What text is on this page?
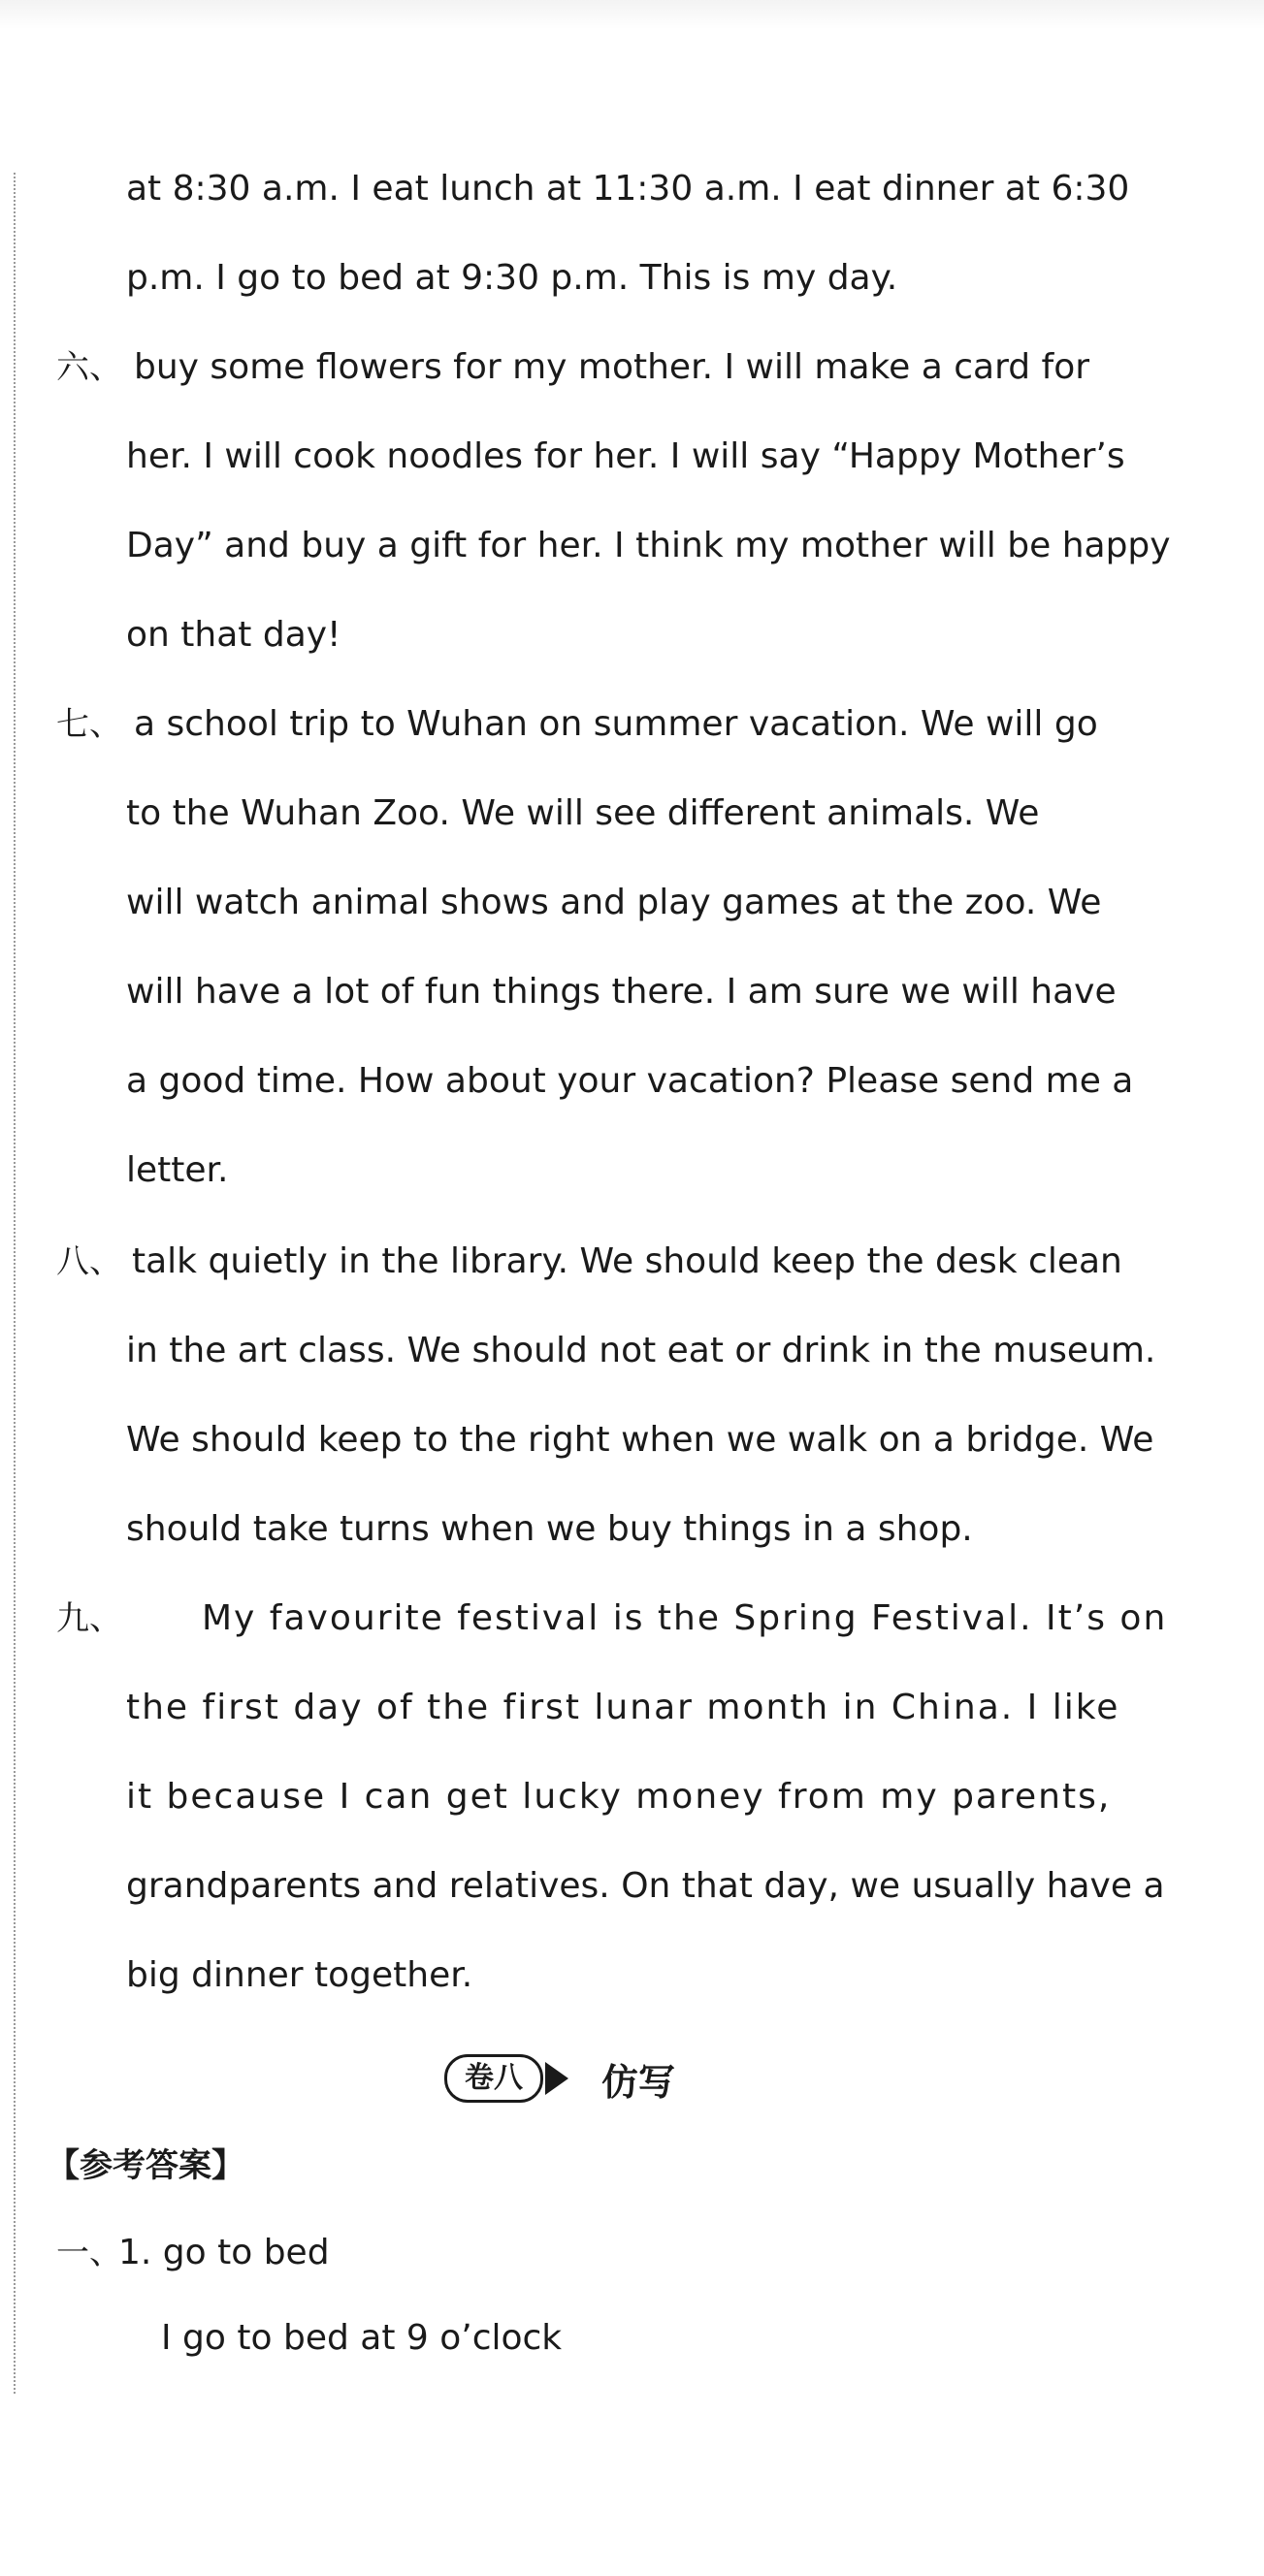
at 8:30 a.m. I eat lunch at 11:30 a.m. I eat dinner at 6:30
p.m. I go to bed at 9:30 p.m. This is my day.
六、 buy some flowers for my mother. I will make a card for
her. I will cook noodles for her. I will say “Happy Mother’s
Day” and buy a gift for her. I think my mother will be happy
on that day!
七、 a school trip to Wuhan on summer vacation. We will go
to the Wuhan Zoo. We will see different animals. We
will watch animal shows and play games at the zoo. We
will have a lot of fun things there. I am sure we will have
a good time. How about your vacation? Please send me a
letter.
八、 talk quietly in the library. We should keep the desk clean
in the art class. We should not eat or drink in the museum.
We should keep to the right when we walk on a bridge. We
should take turns when we buy things in a shop.
九、 My favourite festival is the Spring Festival. It’s on
the first day of the first lunar month in China. I like
it because I can get lucky money from my parents,
grandparents and relatives. On that day, we usually have a
big dinner together.
卷八	仿写
【参考答案】
一、
1. go to bed
I go to bed at 9 o’clock
